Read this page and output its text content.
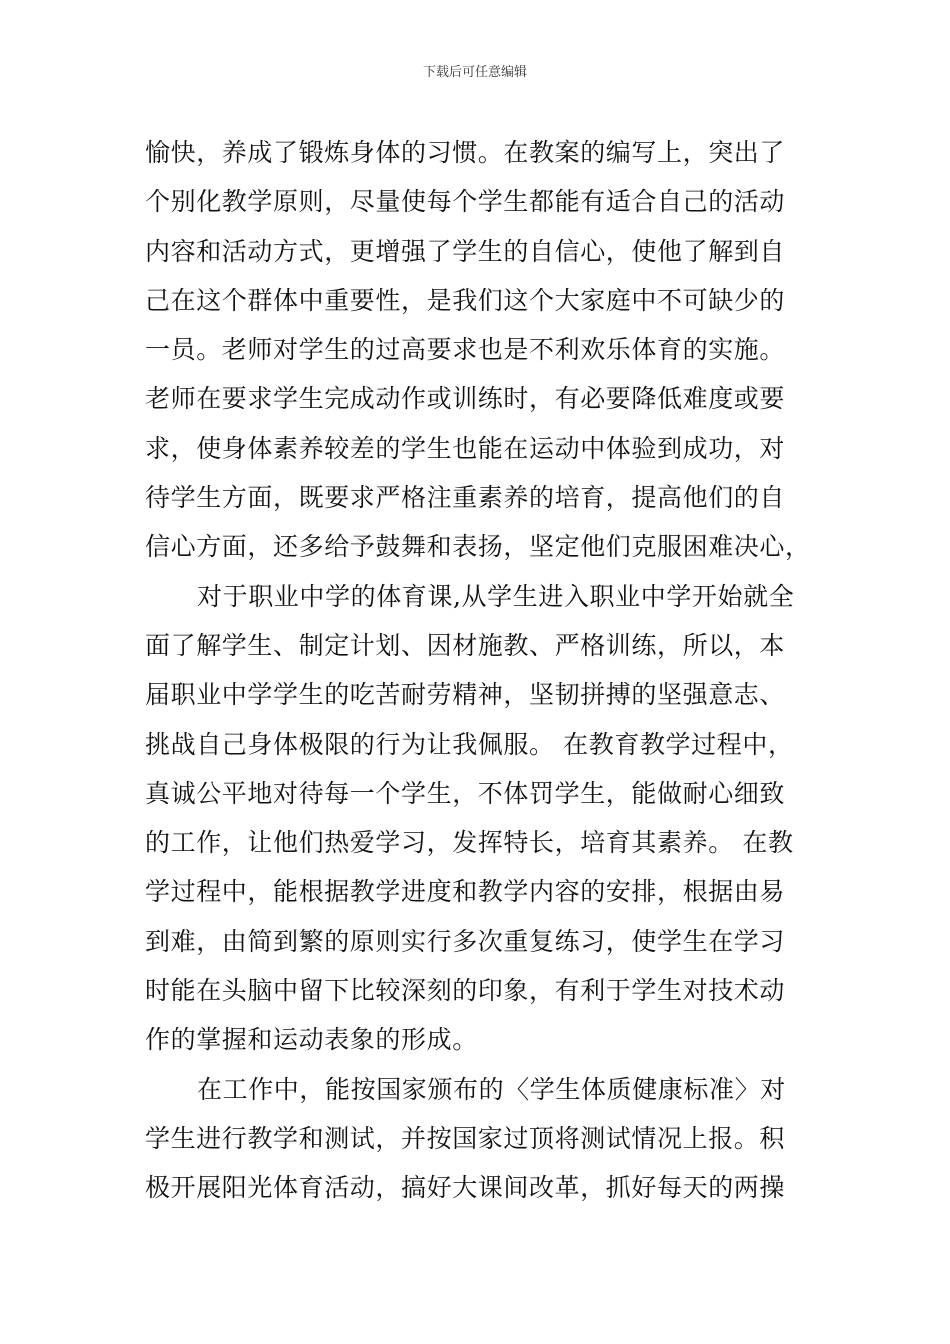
下载后可任意编辑
愉快，养成了锻炼身体的习惯。在教案的编写上，突出了
个别化教学原则，尽量使每个学生都能有适合自己的活动
内容和活动方式，更增强了学生的自信心，使他了解到自
己在这个群体中重要性，是我们这个大家庭中不可缺少的
一员。老师对学生的过高要求也是不利欢乐体育的实施。
老师在要求学生完成动作或训练时，有必要降低难度或要
求，使身体素养较差的学生也能在运动中体验到成功，对
待学生方面，既要求严格注重素养的培育，提高他们的自
信心方面，还多给予鼓舞和表扬，坚定他们克服困难决心，
对于职业中学的体育课,从学生进入职业中学开始就全
面了解学生、制定计划、因材施教、严格训练，所以，本
届职业中学学生的吃苦耐劳精神，坚韧拼搏的坚强意志、
挑战自己身体极限的行为让我佩服。 在教育教学过程中，
真诚公平地对待每一个学生，不体罚学生，能做耐心细致
的工作，让他们热爱学习，发挥特长，培育其素养。 在教
学过程中，能根据教学进度和教学内容的安排，根据由易
到难，由简到繁的原则实行多次重复练习，使学生在学习
时能在头脑中留下比较深刻的印象，有利于学生对技术动
作的掌握和运动表象的形成。
在工作中，能按国家颁布的〈学生体质健康标准〉对
学生进行教学和测试，并按国家过顶将测试情况上报。积
极开展阳光体育活动，搞好大课间改革，抓好每天的两操
